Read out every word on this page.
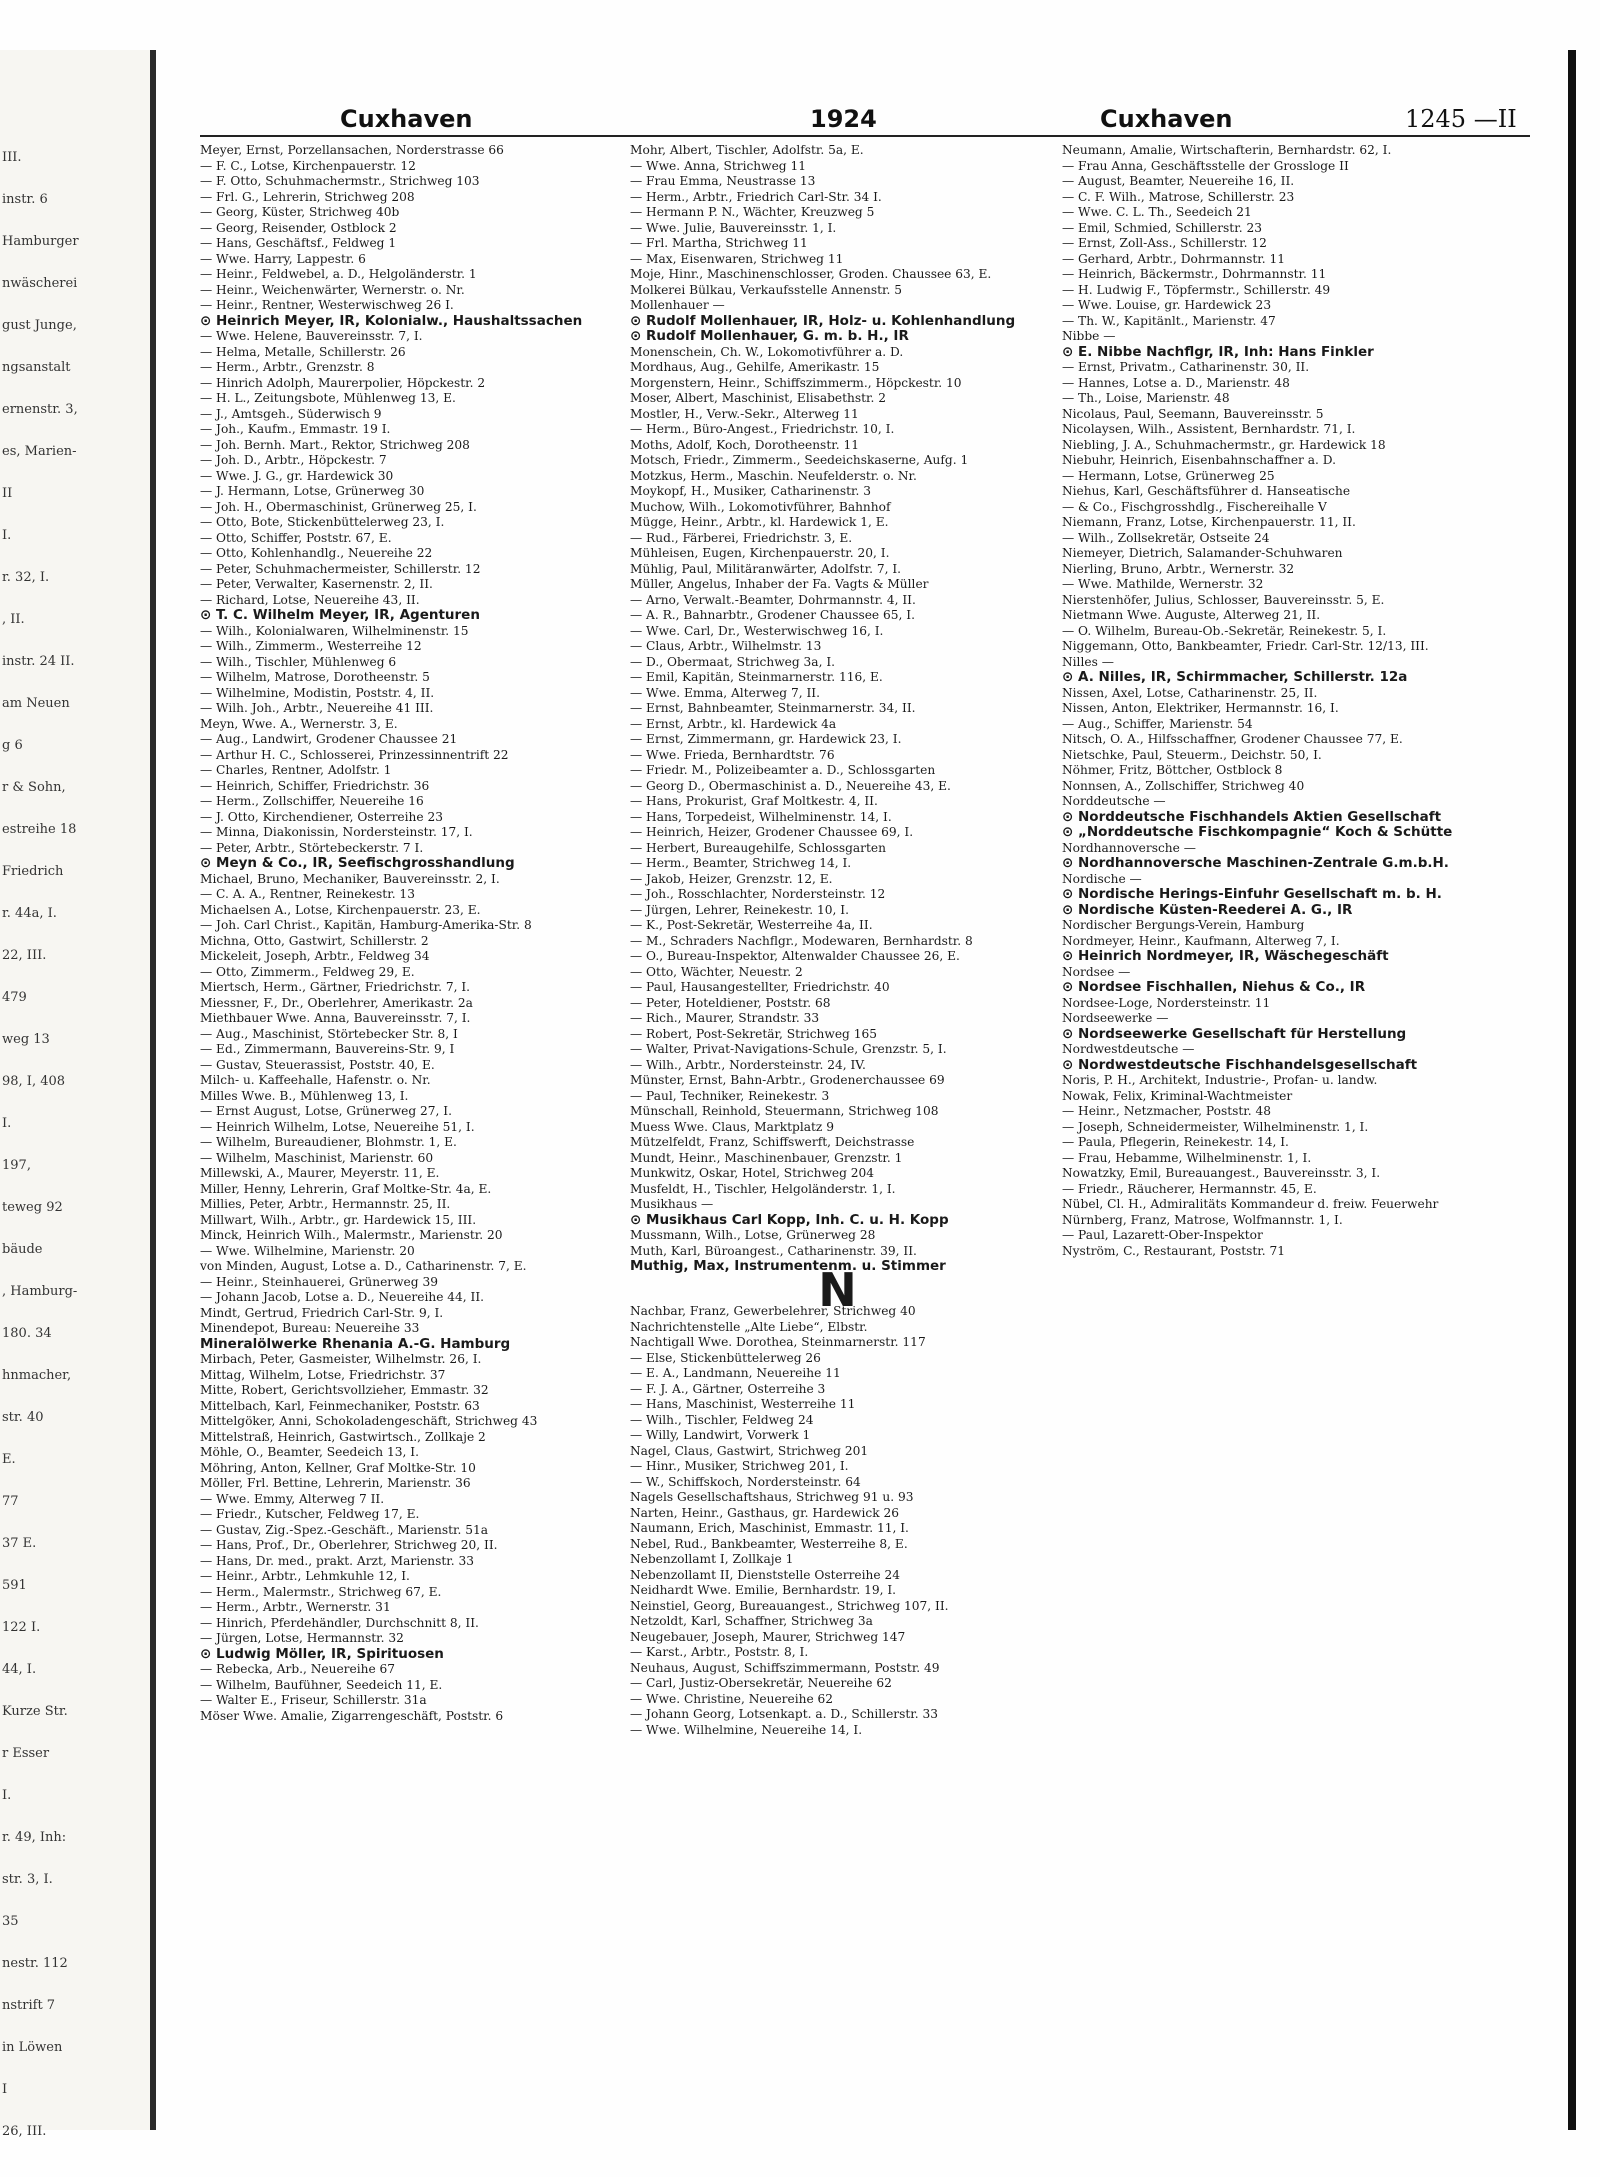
III.
instr. 6
Hamburger
nwäscherei
gust Junge,
ngsanstalt
ernenstr. 3,
es, Marien-
II
I.
r. 32, I.
, II.
instr. 24 II.
am Neuen
g 6
r & Sohn,
estreihe 18
Friedrich
r. 44a, I.
22, III.
479
weg 13
98, I, 408
I.
197,
teweg 92
bäude
, Hamburg-
180. 34
hnmacher,
str. 40
E.
77
37 E.
591
122 I.
44, I.
Kurze Str.
r Esser
I.
r. 49, Inh:
str. 3, I.
35
nestr. 112
nstrift 7
in Löwen
I
26, III.
Cuxhaven	1924	Cuxhaven	1245 —II

Meyer, Ernst, Porzellansachen, Norderstrasse 66

— F. C., Lotse, Kirchenpauerstr. 12

— F. Otto, Schuhmachermstr., Strichweg 103

— Frl. G., Lehrerin, Strichweg 208

— Georg, Küster, Strichweg 40b

— Georg, Reisender, Ostblock 2

— Hans, Geschäftsf., Feldweg 1

— Wwe. Harry, Lappestr. 6

— Heinr., Feldwebel, a. D., Helgoländerstr. 1

— Heinr., Weichenwärter, Wernerstr. o. Nr.

— Heinr., Rentner, Westerwischweg 26 I.

⊙ Heinrich Meyer, IR, Kolonialw., Haushaltssachen

— Wwe. Helene, Bauvereinsstr. 7, I.

— Helma, Metalle, Schillerstr. 26

— Herm., Arbtr., Grenzstr. 8

— Hinrich Adolph, Maurerpolier, Höpckestr. 2

— H. L., Zeitungsbote, Mühlenweg 13, E.

— J., Amtsgeh., Süderwisch 9

— Joh., Kaufm., Emmastr. 19 I.

— Joh. Bernh. Mart., Rektor, Strichweg 208

— Joh. D., Arbtr., Höpckestr. 7

— Wwe. J. G., gr. Hardewick 30

— J. Hermann, Lotse, Grünerweg 30

— Joh. H., Obermaschinist, Grünerweg 25, I.

— Otto, Bote, Stickenbüttelerweg 23, I.

— Otto, Schiffer, Poststr. 67, E.

— Otto, Kohlenhandlg., Neuereihe 22

— Peter, Schuhmachermeister, Schillerstr. 12

— Peter, Verwalter, Kasernenstr. 2, II.

— Richard, Lotse, Neuereihe 43, II.

⊙ T. C. Wilhelm Meyer, IR, Agenturen

— Wilh., Kolonialwaren, Wilhelminenstr. 15

— Wilh., Zimmerm., Westerreihe 12

— Wilh., Tischler, Mühlenweg 6

— Wilhelm, Matrose, Dorotheenstr. 5

— Wilhelmine, Modistin, Poststr. 4, II.

— Wilh. Joh., Arbtr., Neuereihe 41 III.

Meyn, Wwe. A., Wernerstr. 3, E.

— Aug., Landwirt, Grodener Chaussee 21

— Arthur H. C., Schlosserei, Prinzessinnentrift 22

— Charles, Rentner, Adolfstr. 1

— Heinrich, Schiffer, Friedrichstr. 36

— Herm., Zollschiffer, Neuereihe 16

— J. Otto, Kirchendiener, Osterreihe 23

— Minna, Diakonissin, Nordersteinstr. 17, I.

— Peter, Arbtr., Störtebeckerstr. 7 I.

⊙ Meyn & Co., IR, Seefischgrosshandlung

Michael, Bruno, Mechaniker, Bauvereinsstr. 2, I.

— C. A. A., Rentner, Reinekestr. 13

Michaelsen A., Lotse, Kirchenpauerstr. 23, E.

— Joh. Carl Christ., Kapitän, Hamburg-Amerika-Str. 8

Michna, Otto, Gastwirt, Schillerstr. 2

Mickeleit, Joseph, Arbtr., Feldweg 34

— Otto, Zimmerm., Feldweg 29, E.

Miertsch, Herm., Gärtner, Friedrichstr. 7, I.

Miessner, F., Dr., Oberlehrer, Amerikastr. 2a

Miethbauer Wwe. Anna, Bauvereinsstr. 7, I.

— Aug., Maschinist, Störtebecker Str. 8, I

— Ed., Zimmermann, Bauvereins-Str. 9, I

— Gustav, Steuerassist, Poststr. 40, E.

Milch- u. Kaffeehalle, Hafenstr. o. Nr.

Milles Wwe. B., Mühlenweg 13, I.

— Ernst August, Lotse, Grünerweg 27, I.

— Heinrich Wilhelm, Lotse, Neuereihe 51, I.

— Wilhelm, Bureaudiener, Blohmstr. 1, E.

— Wilhelm, Maschinist, Marienstr. 60

Millewski, A., Maurer, Meyerstr. 11, E.

Miller, Henny, Lehrerin, Graf Moltke-Str. 4a, E.

Millies, Peter, Arbtr., Hermannstr. 25, II.

Millwart, Wilh., Arbtr., gr. Hardewick 15, III.

Minck, Heinrich Wilh., Malermstr., Marienstr. 20

— Wwe. Wilhelmine, Marienstr. 20

von Minden, August, Lotse a. D., Catharinenstr. 7, E.

— Heinr., Steinhauerei, Grünerweg 39

— Johann Jacob, Lotse a. D., Neuereihe 44, II.

Mindt, Gertrud, Friedrich Carl-Str. 9, I.

Minendepot, Bureau: Neuereihe 33

Mineralölwerke Rhenania A.-G. Hamburg

Mirbach, Peter, Gasmeister, Wilhelmstr. 26, I.

Mittag, Wilhelm, Lotse, Friedrichstr. 37

Mitte, Robert, Gerichtsvollzieher, Emmastr. 32

Mittelbach, Karl, Feinmechaniker, Poststr. 63

Mittelgöker, Anni, Schokoladengeschäft, Strichweg 43

Mittelstraß, Heinrich, Gastwirtsch., Zollkaje 2

Möhle, O., Beamter, Seedeich 13, I.

Möhring, Anton, Kellner, Graf Moltke-Str. 10

Möller, Frl. Bettine, Lehrerin, Marienstr. 36

— Wwe. Emmy, Alterweg 7 II.

— Friedr., Kutscher, Feldweg 17, E.

— Gustav, Zig.-Spez.-Geschäft., Marienstr. 51a

— Hans, Prof., Dr., Oberlehrer, Strichweg 20, II.

— Hans, Dr. med., prakt. Arzt, Marienstr. 33

— Heinr., Arbtr., Lehmkuhle 12, I.

— Herm., Malermstr., Strichweg 67, E.

— Herm., Arbtr., Wernerstr. 31

— Hinrich, Pferdehändler, Durchschnitt 8, II.

— Jürgen, Lotse, Hermannstr. 32

⊙ Ludwig Möller, IR, Spirituosen

— Rebecka, Arb., Neuereihe 67

— Wilhelm, Baufühner, Seedeich 11, E.

— Walter E., Friseur, Schillerstr. 31a

Möser Wwe. Amalie, Zigarrengeschäft, Poststr. 6

Mohr, Albert, Tischler, Adolfstr. 5a, E.

— Wwe. Anna, Strichweg 11

— Frau Emma, Neustrasse 13

— Herm., Arbtr., Friedrich Carl-Str. 34 I.

— Hermann P. N., Wächter, Kreuzweg 5

— Wwe. Julie, Bauvereinsstr. 1, I.

— Frl. Martha, Strichweg 11

— Max, Eisenwaren, Strichweg 11

Moje, Hinr., Maschinenschlosser, Groden. Chaussee 63, E.

Molkerei Bülkau, Verkaufsstelle Annenstr. 5

Mollenhauer —

⊙ Rudolf Mollenhauer, IR, Holz- u. Kohlenhandlung

⊙ Rudolf Mollenhauer, G. m. b. H., IR

Monenschein, Ch. W., Lokomotivführer a. D.

Mordhaus, Aug., Gehilfe, Amerikastr. 15

Morgenstern, Heinr., Schiffszimmerm., Höpckestr. 10

Moser, Albert, Maschinist, Elisabethstr. 2

Mostler, H., Verw.-Sekr., Alterweg 11

— Herm., Büro-Angest., Friedrichstr. 10, I.

Moths, Adolf, Koch, Dorotheenstr. 11

Motsch, Friedr., Zimmerm., Seedeichskaserne, Aufg. 1

Motzkus, Herm., Maschin. Neufelderstr. o. Nr.

Moykopf, H., Musiker, Catharinenstr. 3

Muchow, Wilh., Lokomotivführer, Bahnhof

Mügge, Heinr., Arbtr., kl. Hardewick 1, E.

— Rud., Färberei, Friedrichstr. 3, E.

Mühleisen, Eugen, Kirchenpauerstr. 20, I.

Mühlig, Paul, Militäranwärter, Adolfstr. 7, I.

Müller, Angelus, Inhaber der Fa. Vagts & Müller

— Arno, Verwalt.-Beamter, Dohrmannstr. 4, II.

— A. R., Bahnarbtr., Grodener Chaussee 65, I.

— Wwe. Carl, Dr., Westerwischweg 16, I.

— Claus, Arbtr., Wilhelmstr. 13

— D., Obermaat, Strichweg 3a, I.

— Emil, Kapitän, Steinmarnerstr. 116, E.

— Wwe. Emma, Alterweg 7, II.

— Ernst, Bahnbeamter, Steinmarnerstr. 34, II.

— Ernst, Arbtr., kl. Hardewick 4a

— Ernst, Zimmermann, gr. Hardewick 23, I.

— Wwe. Frieda, Bernhardtstr. 76

— Friedr. M., Polizeibeamter a. D., Schlossgarten

— Georg D., Obermaschinist a. D., Neuereihe 43, E.

— Hans, Prokurist, Graf Moltkestr. 4, II.

— Hans, Torpedeist, Wilhelminenstr. 14, I.

— Heinrich, Heizer, Grodener Chaussee 69, I.

— Herbert, Bureaugehilfe, Schlossgarten

— Herm., Beamter, Strichweg 14, I.

— Jakob, Heizer, Grenzstr. 12, E.

— Joh., Rosschlachter, Nordersteinstr. 12

— Jürgen, Lehrer, Reinekestr. 10, I.

— K., Post-Sekretär, Westerreihe 4a, II.

— M., Schraders Nachflgr., Modewaren, Bernhardstr. 8

— O., Bureau-Inspektor, Altenwalder Chaussee 26, E.

— Otto, Wächter, Neuestr. 2

— Paul, Hausangestellter, Friedrichstr. 40

— Peter, Hoteldiener, Poststr. 68

— Rich., Maurer, Strandstr. 33

— Robert, Post-Sekretär, Strichweg 165

— Walter, Privat-Navigations-Schule, Grenzstr. 5, I.

— Wilh., Arbtr., Nordersteinstr. 24, IV.

Münster, Ernst, Bahn-Arbtr., Grodenerchaussee 69

— Paul, Techniker, Reinekestr. 3

Münschall, Reinhold, Steuermann, Strichweg 108

Muess Wwe. Claus, Marktplatz 9

Mützelfeldt, Franz, Schiffswerft, Deichstrasse

Mundt, Heinr., Maschinenbauer, Grenzstr. 1

Munkwitz, Oskar, Hotel, Strichweg 204

Musfeldt, H., Tischler, Helgoländerstr. 1, I.

Musikhaus —

⊙ Musikhaus Carl Kopp, Inh. C. u. H. Kopp

Mussmann, Wilh., Lotse, Grünerweg 28

Muth, Karl, Büroangest., Catharinenstr. 39, II.

Muthig, Max, Instrumentenm. u. Stimmer

N

Nachbar, Franz, Gewerbelehrer, Strichweg 40

Nachrichtenstelle „Alte Liebe“, Elbstr.

Nachtigall Wwe. Dorothea, Steinmarnerstr. 117

— Else, Stickenbüttelerweg 26

— E. A., Landmann, Neuereihe 11

— F. J. A., Gärtner, Osterreihe 3

— Hans, Maschinist, Westerreihe 11

— Wilh., Tischler, Feldweg 24

— Willy, Landwirt, Vorwerk 1

Nagel, Claus, Gastwirt, Strichweg 201

— Hinr., Musiker, Strichweg 201, I.

— W., Schiffskoch, Nordersteinstr. 64

Nagels Gesellschaftshaus, Strichweg 91 u. 93

Narten, Heinr., Gasthaus, gr. Hardewick 26

Naumann, Erich, Maschinist, Emmastr. 11, I.

Nebel, Rud., Bankbeamter, Westerreihe 8, E.

Nebenzollamt I, Zollkaje 1

Nebenzollamt II, Dienststelle Osterreihe 24

Neidhardt Wwe. Emilie, Bernhardstr. 19, I.

Neinstiel, Georg, Bureauangest., Strichweg 107, II.

Netzoldt, Karl, Schaffner, Strichweg 3a

Neugebauer, Joseph, Maurer, Strichweg 147

— Karst., Arbtr., Poststr. 8, I.

Neuhaus, August, Schiffszimmermann, Poststr. 49

— Carl, Justiz-Obersekretär, Neuereihe 62

— Wwe. Christine, Neuereihe 62

— Johann Georg, Lotsenkapt. a. D., Schillerstr. 33

— Wwe. Wilhelmine, Neuereihe 14, I.

Neumann, Amalie, Wirtschafterin, Bernhardstr. 62, I.

— Frau Anna, Geschäftsstelle der Grossloge II

— August, Beamter, Neuereihe 16, II.

— C. F. Wilh., Matrose, Schillerstr. 23

— Wwe. C. L. Th., Seedeich 21

— Emil, Schmied, Schillerstr. 23

— Ernst, Zoll-Ass., Schillerstr. 12

— Gerhard, Arbtr., Dohrmannstr. 11

— Heinrich, Bäckermstr., Dohrmannstr. 11

— H. Ludwig F., Töpfermstr., Schillerstr. 49

— Wwe. Louise, gr. Hardewick 23

— Th. W., Kapitänlt., Marienstr. 47

Nibbe —

⊙ E. Nibbe Nachflgr, IR, Inh: Hans Finkler

— Ernst, Privatm., Catharinenstr. 30, II.

— Hannes, Lotse a. D., Marienstr. 48

— Th., Loise, Marienstr. 48

Nicolaus, Paul, Seemann, Bauvereinsstr. 5

Nicolaysen, Wilh., Assistent, Bernhardstr. 71, I.

Niebling, J. A., Schuhmachermstr., gr. Hardewick 18

Niebuhr, Heinrich, Eisenbahnschaffner a. D.

— Hermann, Lotse, Grünerweg 25

Niehus, Karl, Geschäftsführer d. Hanseatische

— & Co., Fischgrosshdlg., Fischereihalle V

Niemann, Franz, Lotse, Kirchenpauerstr. 11, II.

— Wilh., Zollsekretär, Ostseite 24

Niemeyer, Dietrich, Salamander-Schuhwaren

Nierling, Bruno, Arbtr., Wernerstr. 32

— Wwe. Mathilde, Wernerstr. 32

Nierstenhöfer, Julius, Schlosser, Bauvereinsstr. 5, E.

Nietmann Wwe. Auguste, Alterweg 21, II.

— O. Wilhelm, Bureau-Ob.-Sekretär, Reinekestr. 5, I.

Niggemann, Otto, Bankbeamter, Friedr. Carl-Str. 12/13, III.

Nilles —

⊙ A. Nilles, IR, Schirmmacher, Schillerstr. 12a

Nissen, Axel, Lotse, Catharinenstr. 25, II.

Nissen, Anton, Elektriker, Hermannstr. 16, I.

— Aug., Schiffer, Marienstr. 54

Nitsch, O. A., Hilfsschaffner, Grodener Chaussee 77, E.

Nietschke, Paul, Steuerm., Deichstr. 50, I.

Nöhmer, Fritz, Böttcher, Ostblock 8

Nonnsen, A., Zollschiffer, Strichweg 40

Norddeutsche —

⊙ Norddeutsche Fischhandels Aktien Gesellschaft

⊙ „Norddeutsche Fischkompagnie“ Koch & Schütte

Nordhannoversche —

⊙ Nordhannoversche Maschinen-Zentrale G.m.b.H.

Nordische —

⊙ Nordische Herings-Einfuhr Gesellschaft m. b. H.

⊙ Nordische Küsten-Reederei A. G., IR

Nordischer Bergungs-Verein, Hamburg

Nordmeyer, Heinr., Kaufmann, Alterweg 7, I.

⊙ Heinrich Nordmeyer, IR, Wäschegeschäft

Nordsee —

⊙ Nordsee Fischhallen, Niehus & Co., IR

Nordsee-Loge, Nordersteinstr. 11

Nordseewerke —

⊙ Nordseewerke Gesellschaft für Herstellung

Nordwestdeutsche —

⊙ Nordwestdeutsche Fischhandelsgesellschaft

Noris, P. H., Architekt, Industrie-, Profan- u. landw.

Nowak, Felix, Kriminal-Wachtmeister

— Heinr., Netzmacher, Poststr. 48

— Joseph, Schneidermeister, Wilhelminenstr. 1, I.

— Paula, Pflegerin, Reinekestr. 14, I.

— Frau, Hebamme, Wilhelminenstr. 1, I.

Nowatzky, Emil, Bureauangest., Bauvereinsstr. 3, I.

— Friedr., Räucherer, Hermannstr. 45, E.

Nübel, Cl. H., Admiralitäts Kommandeur d. freiw. Feuerwehr

Nürnberg, Franz, Matrose, Wolfmannstr. 1, I.

— Paul, Lazarett-Ober-Inspektor

Nyström, C., Restaurant, Poststr. 71
